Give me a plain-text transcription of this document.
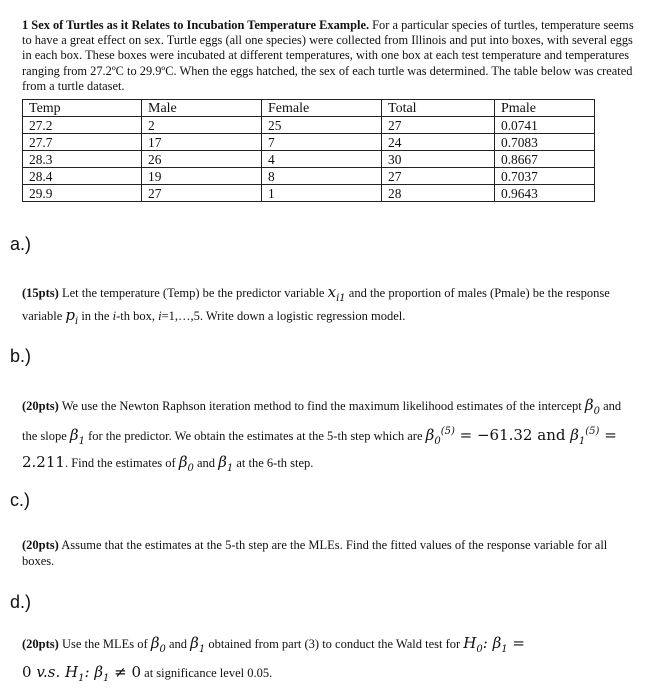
1 Sex of Turtles as it Relates to Incubation Temperature Example. For a particular species of turtles, temperature seems to have a great effect on sex. Turtle eggs (all one species) were collected from Illinois and put into boxes, with several eggs in each box. These boxes were incubated at different temperatures, with one box at each test temperature and temperatures ranging from 27.2ºC to 29.9ºC. When the eggs hatched, the sex of each turtle was determined. The table below was created from a turtle dataset.
Temp	Male	Female	Total	Pmale
27.2	2	25	27	0.0741
27.7	17	7	24	0.7083
28.3	26	4	30	0.8667
28.4	19	8	27	0.7037
29.9	27	1	28	0.9643
a.)
(15pts) Let the temperature (Temp) be the predictor variable $x_{i1}$ and the proportion of males (Pmale) be the response variable $p_i$ in the i-th box, i=1,…,5. Write down a logistic regression model.
b.)
(20pts) We use the Newton Raphson iteration method to find the maximum likelihood estimates of the intercept $\beta_0$ and the slope $\beta_1$ for the predictor. We obtain the estimates at the 5-th step which are $\beta_0^{(5)} = -61.32$ and $\beta_1^{(5)} = 2.211$. Find the estimates of $\beta_0$ and $\beta_1$ at the 6-th step.
c.)
(20pts) Assume that the estimates at the 5-th step are the MLEs. Find the fitted values of the response variable for all boxes.
d.)
(20pts) Use the MLEs of $\beta_0$ and $\beta_1$ obtained from part (3) to conduct the Wald test for $H_0$: $\beta_1$ =
0 v.s. $H_1$: $\beta_1 \ne 0$ at significance level 0.05.
